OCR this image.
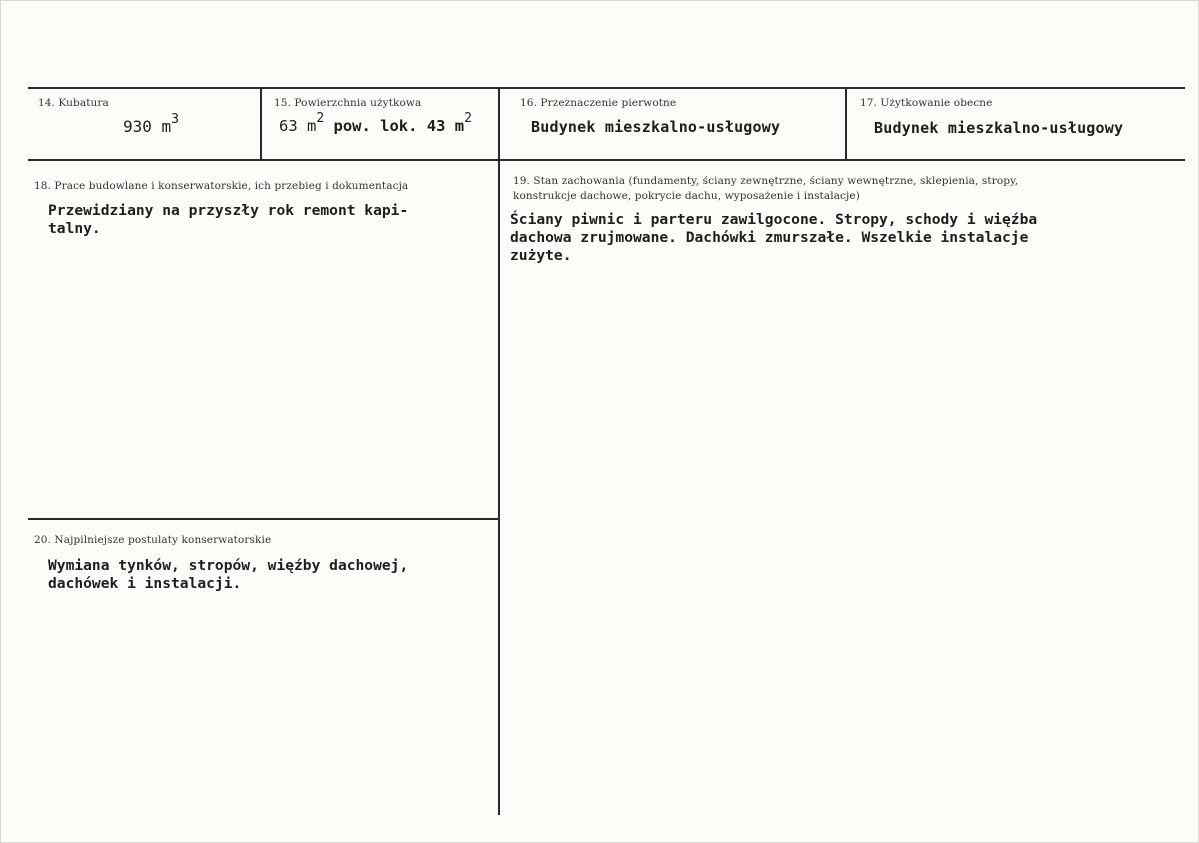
14. Kubatura
930 $m^3$
15. Powierzchnia użytkowa
63 $m^2$ pow. lok. 43 $m^2$
16. Przeznaczenie pierwotne
Budynek mieszkalno-usługowy
17. Użytkowanie obecne
Budynek mieszkalno-usługowy
18. Prace budowlane i konserwatorskie, ich przebieg i dokumentacja
Przewidziany na przyszły rok remont kapi-
talny.
19. Stan zachowania (fundamenty, ściany zewnętrzne, ściany wewnętrzne, sklepienia, stropy,
konstrukcje dachowe, pokrycie dachu, wyposażenie i instalacje)
Ściany piwnic i parteru zawilgocone. Stropy, schody i więźba
dachowa zrujmowane. Dachówki zmurszałe. Wszelkie instalacje
zużyte.
20. Najpilniejsze postulaty konserwatorskie
Wymiana tynków, stropów, więźby dachowej,
dachówek i instalacji.
